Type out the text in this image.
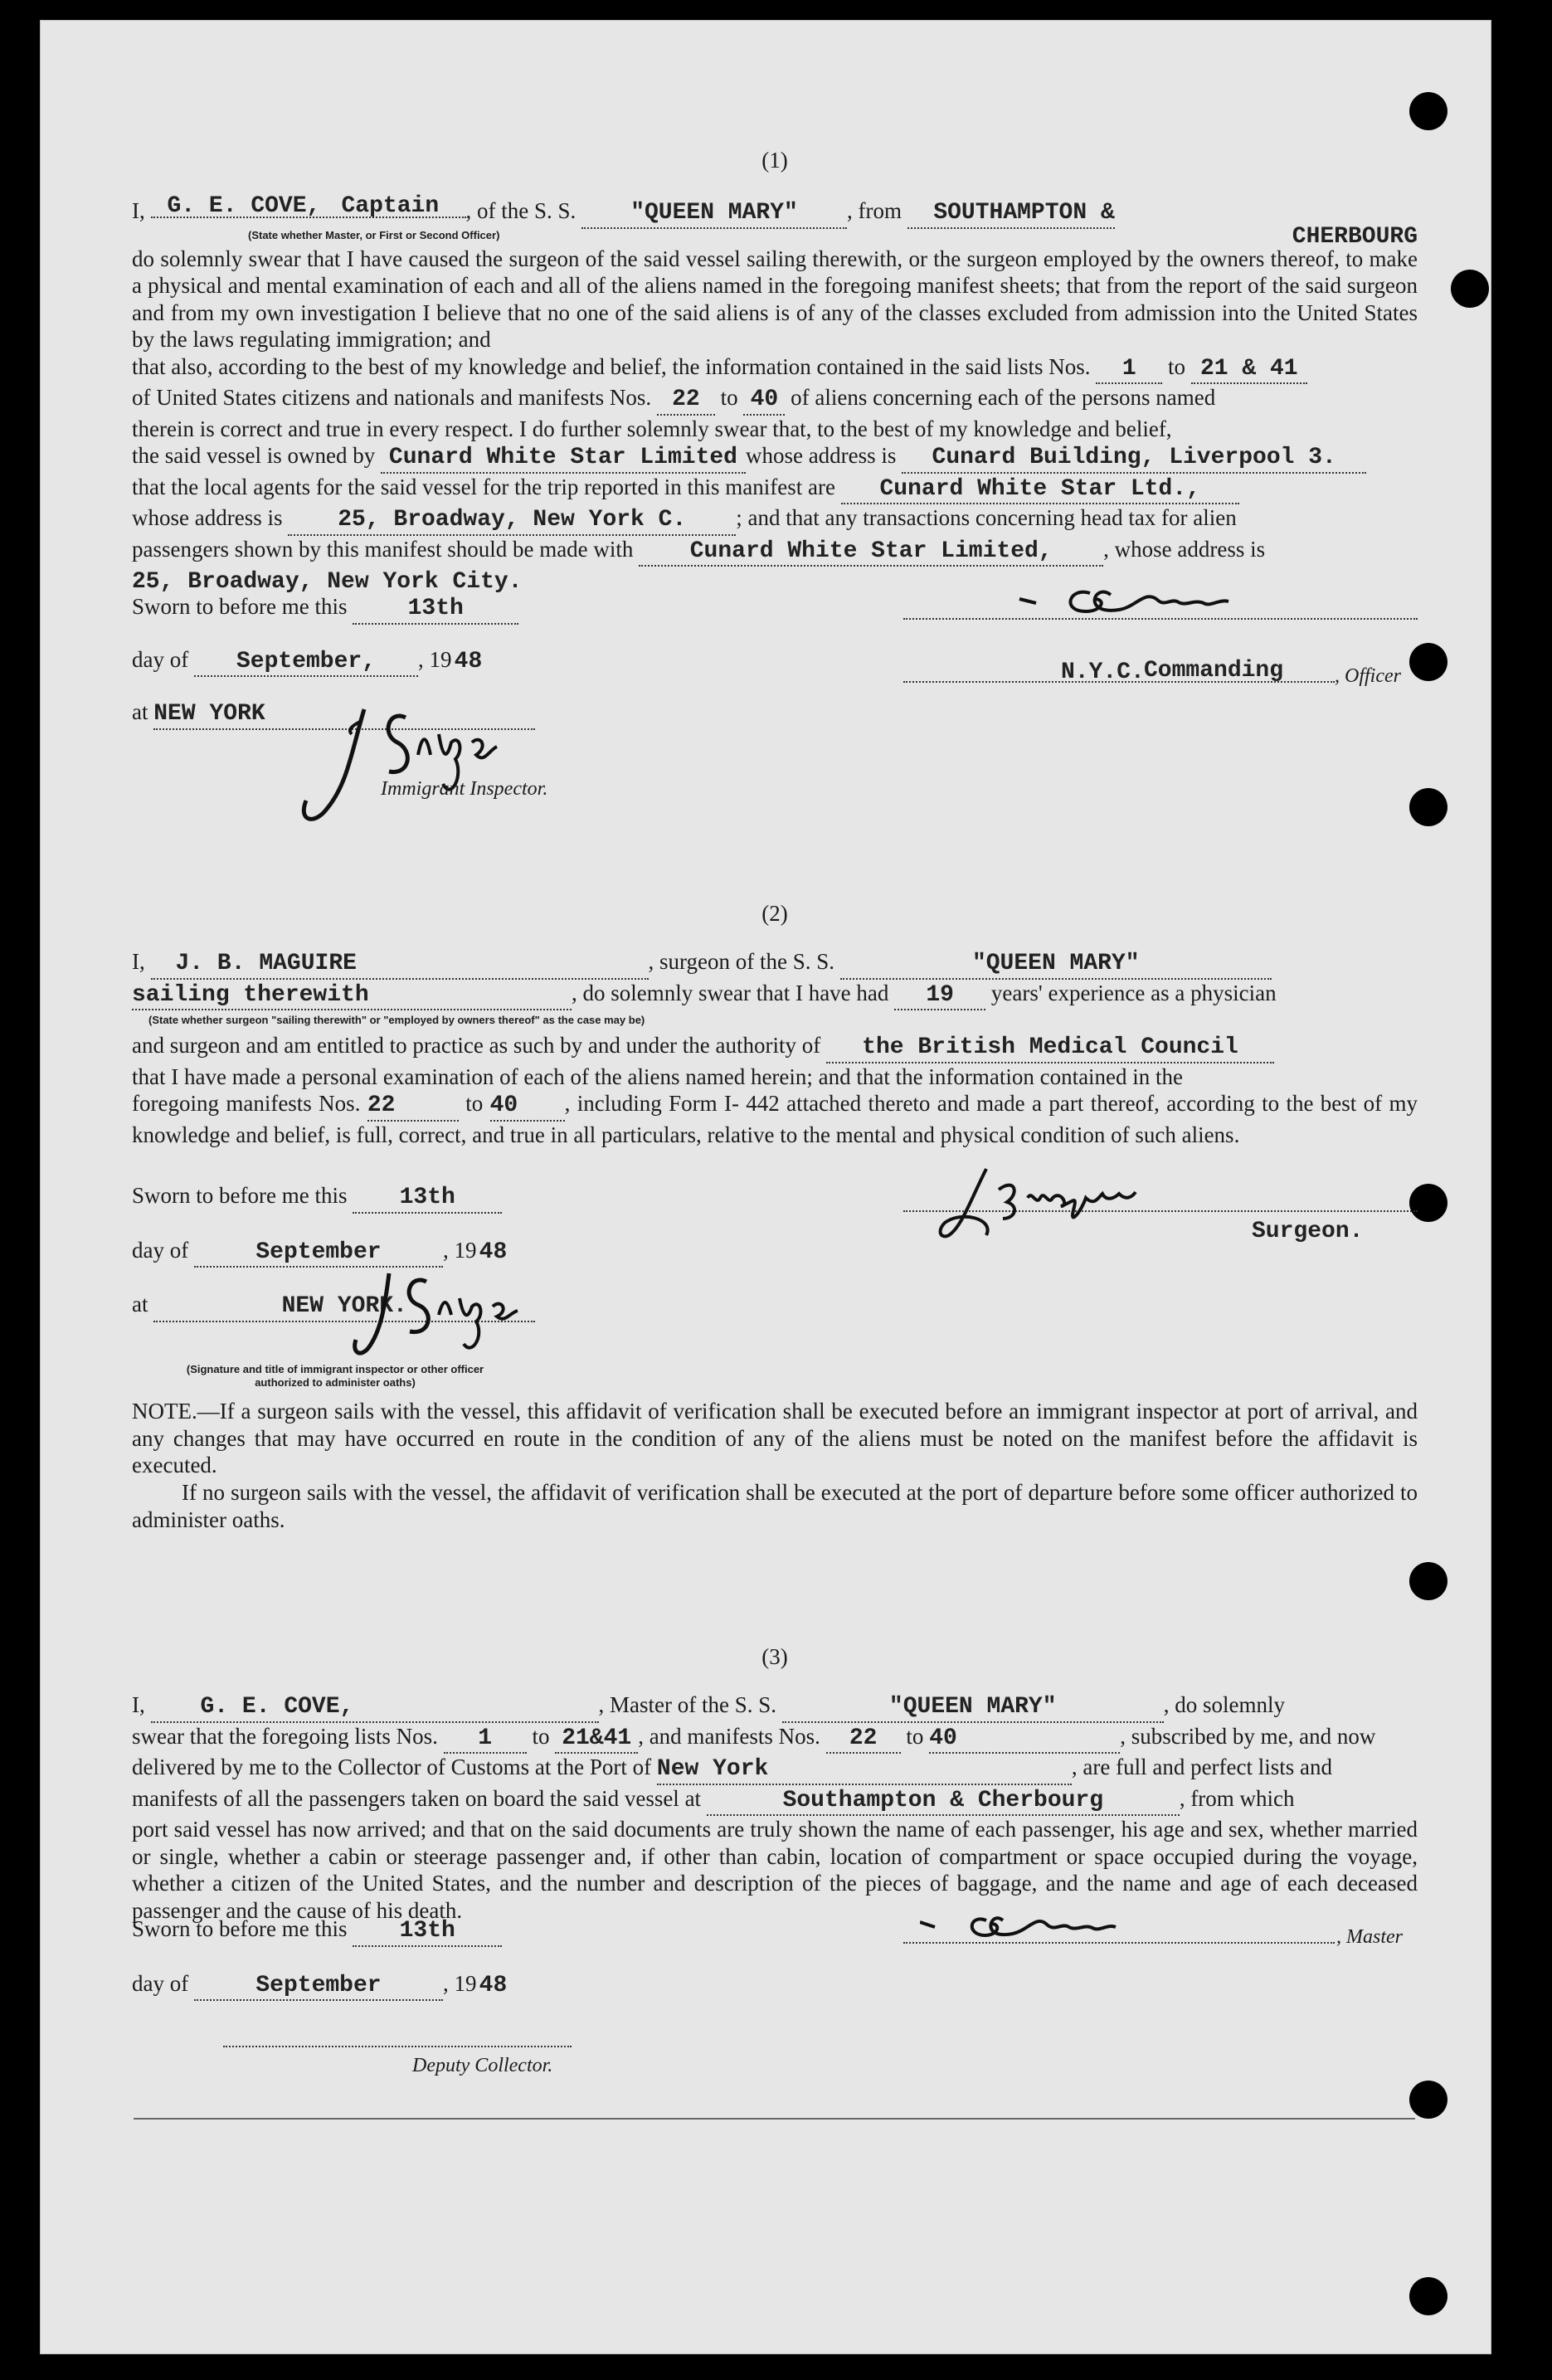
(1)
I, G. E. COVE, Captain , of the S. S. "QUEEN MARY" , from SOUTHAMPTON &
(State whether Master, or First or Second Officer)	CHERBOURG
do solemnly swear that I have caused the surgeon of the said vessel sailing therewith, or the surgeon employed by the owners thereof, to make a physical and mental examination of each and all of the aliens named in the foregoing manifest sheets; that from the report of the said surgeon and from my own investigation I believe that no one of the said aliens is of any of the classes excluded from admission into the United States by the laws regulating immigration; and
that also, according to the best of my knowledge and belief, the information contained in the said lists Nos. 1 to 21 & 41
of United States citizens and nationals and manifests Nos. 22 to 40 of aliens concerning each of the persons named
therein is correct and true in every respect. I do further solemnly swear that, to the best of my knowledge and belief,
the said vessel is owned by Cunard White Star Limited whose address is Cunard Building, Liverpool 3.
that the local agents for the said vessel for the trip reported in this manifest are Cunard White Star Ltd.,
whose address is 25, Broadway, New York C. ; and that any transactions concerning head tax for alien
passengers shown by this manifest should be made with Cunard White Star Limited, , whose address is
25, Broadway, New York City.
Sworn to before me this	13th
day of September, , 19 48
at NEW YORK
Immigrant Inspector.
N.Y.C. Commanding	, Officer
(2)
I, J. B. MAGUIRE	, surgeon of the S. S.	"QUEEN MARY"
sailing therewith	, do solemnly swear that I have had 19 years' experience as a physician
(State whether surgeon "sailing therewith" or "employed by owners thereof" as the case may be)
and surgeon and am entitled to practice as such by and under the authority of the British Medical Council
that I have made a personal examination of each of the aliens named herein; and that the information contained in the
foregoing manifests Nos. 22	to 40 , including Form I- 442 attached thereto and made a part thereof, according to the best of my knowledge and belief, is full, correct, and true in all particulars, relative to the mental and physical condition of such aliens.
Sworn to before me this 13th
day of	September	, 19 48
at	NEW YORK.
(Signature and title of immigrant inspector or other officer authorized to administer oaths)
Surgeon.
NOTE.—If a surgeon sails with the vessel, this affidavit of verification shall be executed before an immigrant inspector at port of arrival, and any changes that may have occurred en route in the condition of any of the aliens must be noted on the manifest before the affidavit is executed.
If no surgeon sails with the vessel, the affidavit of verification shall be executed at the port of departure before some officer authorized to administer oaths.
(3)
I, G. E. COVE,	, Master of the S. S.	"QUEEN MARY"	, do solemnly
swear that the foregoing lists Nos. 1 to 21&41 , and manifests Nos. 22 to 40	, subscribed by me, and now
delivered by me to the Collector of Customs at the Port of New York	, are full and perfect lists and
manifests of all the passengers taken on board the said vessel at	Southampton & Cherbourg	, from which
port said vessel has now arrived; and that on the said documents are truly shown the name of each passenger, his age and sex, whether married or single, whether a cabin or steerage passenger and, if other than cabin, location of compartment or space occupied during the voyage, whether a citizen of the United States, and the number and description of the pieces of baggage, and the name and age of each deceased passenger and the cause of his death.
Sworn to before me this 13th
day of	September	, 19 48
Deputy Collector.
, Master
